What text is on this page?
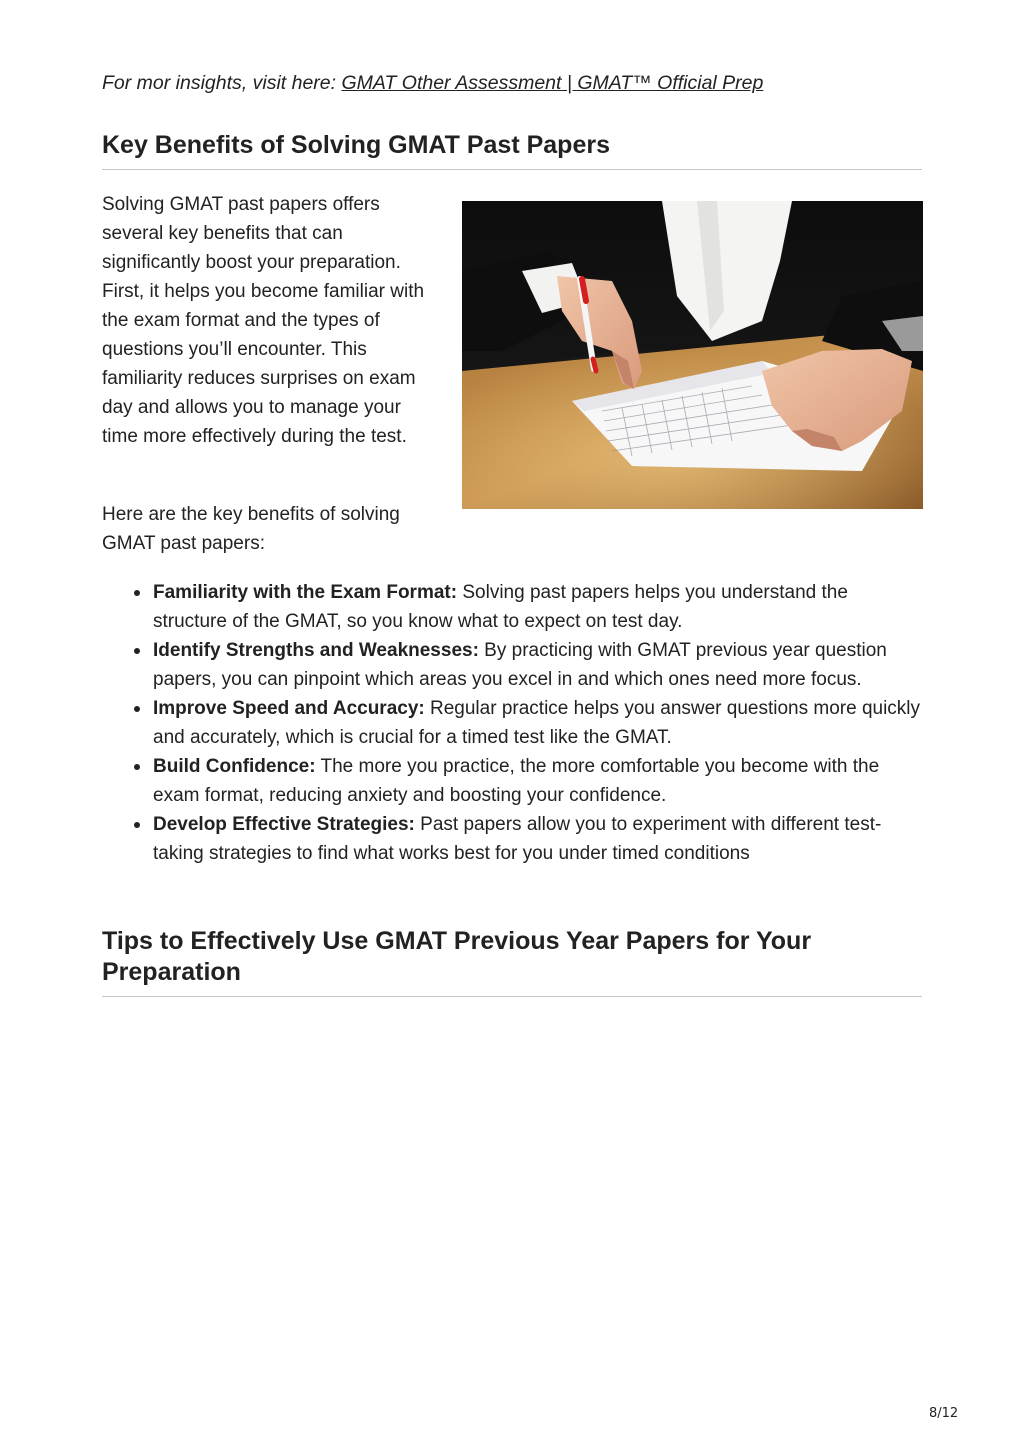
For mor insights, visit here: GMAT Other Assessment | GMAT™ Official Prep
Key Benefits of Solving GMAT Past Papers

Solving GMAT past papers offers several key benefits that can significantly boost your preparation. First, it helps you become familiar with the exam format and the types of questions you’ll encounter. This familiarity reduces surprises on exam day and allows you to manage your time more effectively during the test.

Here are the key benefits of solving GMAT past papers:

Familiarity with the Exam Format: Solving past papers helps you understand the structure of the GMAT, so you know what to expect on test day.
Identify Strengths and Weaknesses: By practicing with GMAT previous year question papers, you can pinpoint which areas you excel in and which ones need more focus.
Improve Speed and Accuracy: Regular practice helps you answer questions more quickly and accurately, which is crucial for a timed test like the GMAT.
Build Confidence: The more you practice, the more comfortable you become with the exam format, reducing anxiety and boosting your confidence.
Develop Effective Strategies: Past papers allow you to experiment with different test-taking strategies to find what works best for you under timed conditions
Tips to Effectively Use GMAT Previous Year Papers for Your Preparation
8/12
